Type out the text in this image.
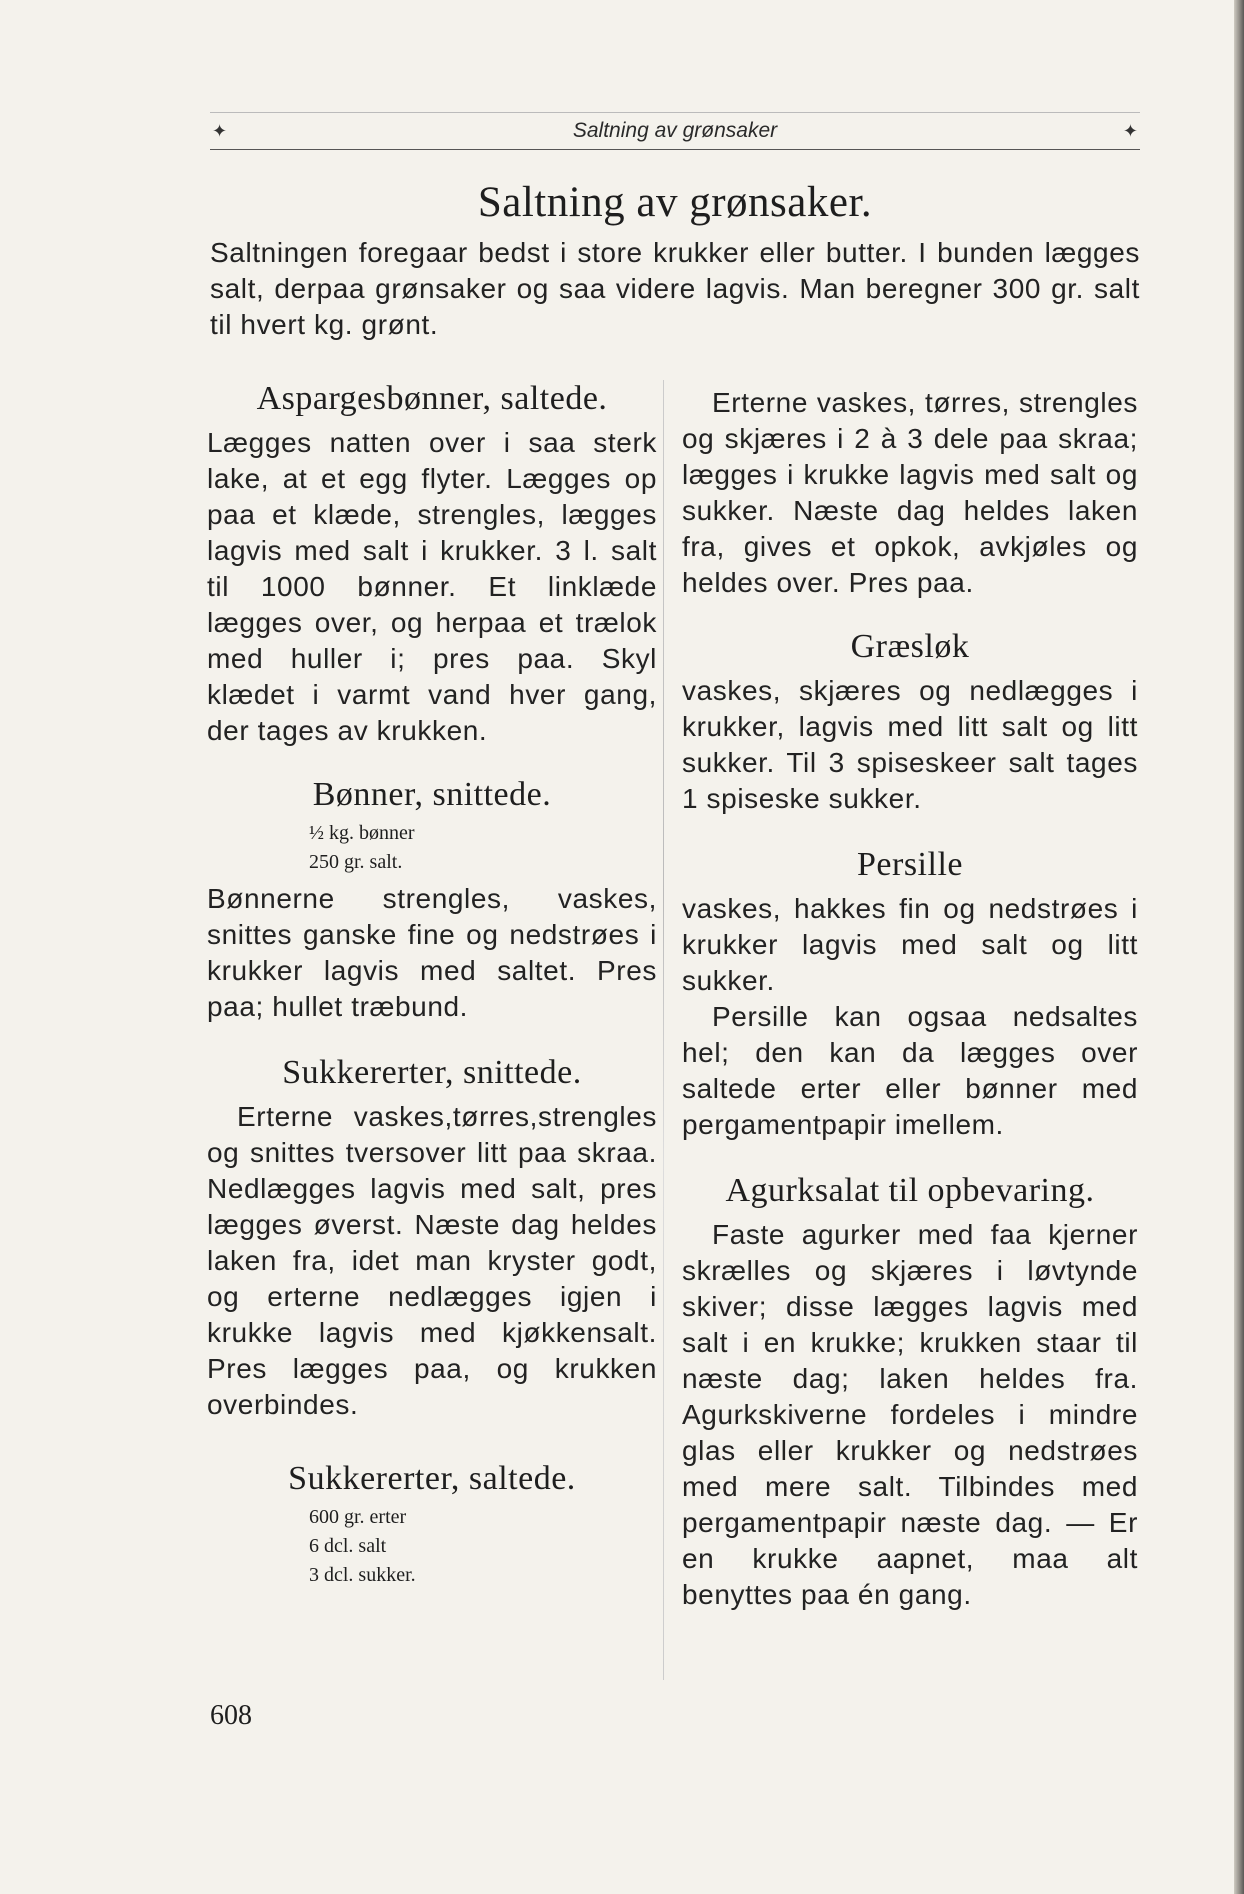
✦	Saltning av grønsaker	✦
Saltning av grønsaker.

Saltningen foregaar bedst i store krukker eller butter. I bunden lægges salt, derpaa grønsaker og saa videre lagvis. Man beregner 300 gr. salt til hvert kg. grønt.

Aspargesbønner, saltede.

Lægges natten over i saa sterk lake, at et egg flyter. Lægges op paa et klæde, strengles, lægges lagvis med salt i krukker. 3 l. salt til 1000 bønner. Et linklæde lægges over, og herpaa et trælok med huller i; pres paa. Skyl klædet i varmt vand hver gang, der tages av krukken.

Bønner, snittede.

½ kg. bønner
250 gr. salt.

Bønnerne strengles, vaskes, snittes ganske fine og nedstrøes i krukker lagvis med saltet. Pres paa; hullet træbund.

Sukkererter, snittede.

Erterne vaskes,tørres,strengles og snittes tversover litt paa skraa. Nedlægges lagvis med salt, pres lægges øverst. Næste dag heldes laken fra, idet man kryster godt, og erterne nedlægges igjen i krukke lagvis med kjøkkensalt. Pres lægges paa, og krukken overbindes.

Sukkererter, saltede.

600 gr. erter
6 dcl. salt
3 dcl. sukker.

Erterne vaskes, tørres, strengles og skjæres i 2 à 3 dele paa skraa; lægges i krukke lagvis med salt og sukker. Næste dag heldes laken fra, gives et opkok, avkjøles og heldes over. Pres paa.

Græsløk

vaskes, skjæres og nedlægges i krukker, lagvis med litt salt og litt sukker. Til 3 spiseskeer salt tages 1 spiseske sukker.

Persille

vaskes, hakkes fin og nedstrøes i krukker lagvis med salt og litt sukker.

Persille kan ogsaa nedsaltes hel; den kan da lægges over saltede erter eller bønner med pergamentpapir imellem.

Agurksalat til opbevaring.

Faste agurker med faa kjerner skrælles og skjæres i løvtynde skiver; disse lægges lagvis med salt i en krukke; krukken staar til næste dag; laken heldes fra. Agurkskiverne fordeles i mindre glas eller krukker og nedstrøes med mere salt. Tilbindes med pergamentpapir næste dag. — Er en krukke aapnet, maa alt benyttes paa én gang.

608
